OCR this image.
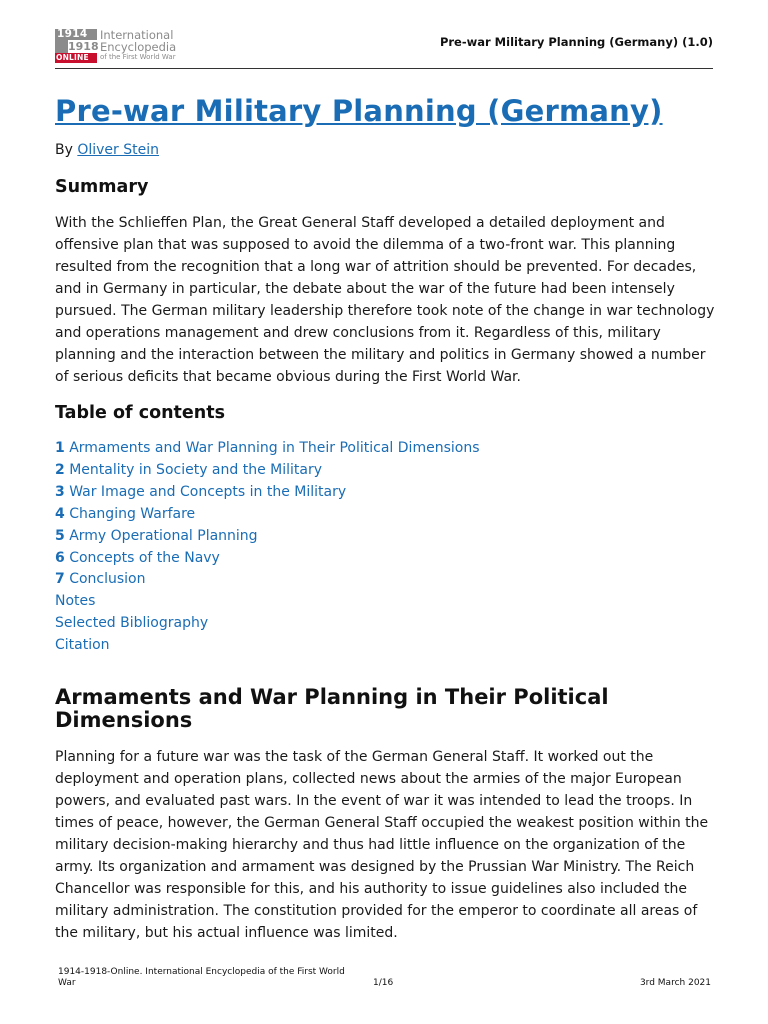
1914
1918
ONLINE
International
Encyclopedia
of the First World War
Pre-war Military Planning (Germany) (1.0)
Pre-war Military Planning (Germany)
By Oliver Stein
Summary
With the Schlieffen Plan, the Great General Staff developed a detailed deployment and offensive plan that was supposed to avoid the dilemma of a two-front war. This planning resulted from the recognition that a long war of attrition should be prevented. For decades, and in Germany in particular, the debate about the war of the future had been intensely pursued. The German military leadership therefore took note of the change in war technology and operations management and drew conclusions from it. Regardless of this, military planning and the interaction between the military and politics in Germany showed a number of serious deficits that became obvious during the First World War.
Table of contents
1 Armaments and War Planning in Their Political Dimensions
2 Mentality in Society and the Military
3 War Image and Concepts in the Military
4 Changing Warfare
5 Army Operational Planning
6 Concepts of the Navy
7 Conclusion
Notes
Selected Bibliography
Citation
Armaments and War Planning in Their Political Dimensions
Planning for a future war was the task of the German General Staff. It worked out the deployment and operation plans, collected news about the armies of the major European powers, and evaluated past wars. In the event of war it was intended to lead the troops. In times of peace, however, the German General Staff occupied the weakest position within the military decision-making hierarchy and thus had little influence on the organization of the army. Its organization and armament was designed by the Prussian War Ministry. The Reich Chancellor was responsible for this, and his authority to issue guidelines also included the military administration. The constitution provided for the emperor to coordinate all areas of the military, but his actual influence was limited.
1914-1918-Online. International Encyclopedia of the First World War	1/16	3rd March 2021
